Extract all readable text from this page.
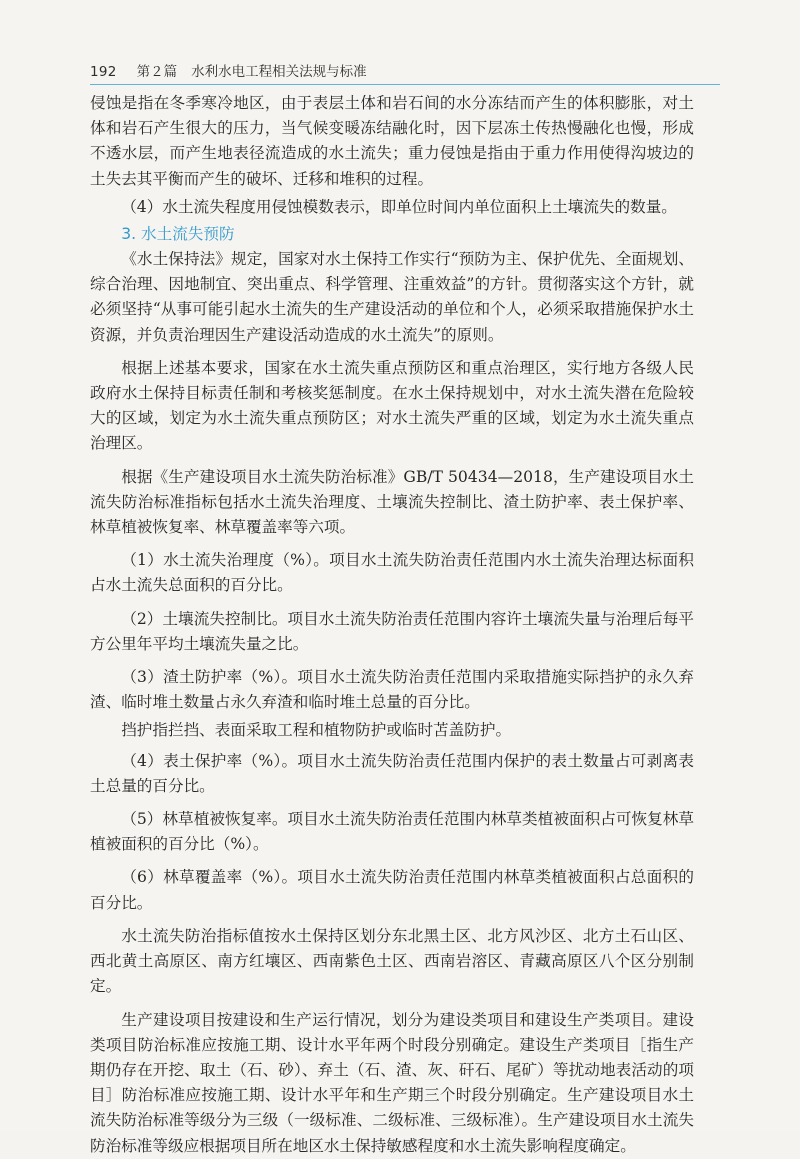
192 第２篇 水利水电工程相关法规与标准

侵蚀是指在冬季寒冷地区，由于表层土体和岩石间的水分冻结而产生的体积膨胀，对土体和岩石产生很大的压力，当气候变暖冻结融化时，因下层冻土传热慢融化也慢，形成不透水层，而产生地表径流造成的水土流失；重力侵蚀是指由于重力作用使得沟坡边的土失去其平衡而产生的破坏、迁移和堆积的过程。

（4）水土流失程度用侵蚀模数表示，即单位时间内单位面积上土壤流失的数量。

3. 水土流失预防

《水土保持法》规定，国家对水土保持工作实行“预防为主、保护优先、全面规划、综合治理、因地制宜、突出重点、科学管理、注重效益”的方针。贯彻落实这个方针，就必须坚持“从事可能引起水土流失的生产建设活动的单位和个人，必须采取措施保护水土资源，并负责治理因生产建设活动造成的水土流失”的原则。

根据上述基本要求，国家在水土流失重点预防区和重点治理区，实行地方各级人民政府水土保持目标责任制和考核奖惩制度。在水土保持规划中，对水土流失潜在危险较大的区域，划定为水土流失重点预防区；对水土流失严重的区域，划定为水土流失重点治理区。

根据《生产建设项目水土流失防治标准》GB/T 50434—2018，生产建设项目水土流失防治标准指标包括水土流失治理度、土壤流失控制比、渣土防护率、表土保护率、林草植被恢复率、林草覆盖率等六项。

（1）水土流失治理度（%）。项目水土流失防治责任范围内水土流失治理达标面积占水土流失总面积的百分比。

（2）土壤流失控制比。项目水土流失防治责任范围内容许土壤流失量与治理后每平方公里年平均土壤流失量之比。

（3）渣土防护率（%）。项目水土流失防治责任范围内采取措施实际挡护的永久弃渣、临时堆土数量占永久弃渣和临时堆土总量的百分比。

挡护指拦挡、表面采取工程和植物防护或临时苫盖防护。

（4）表土保护率（%）。项目水土流失防治责任范围内保护的表土数量占可剥离表土总量的百分比。

（5）林草植被恢复率。项目水土流失防治责任范围内林草类植被面积占可恢复林草植被面积的百分比（%）。

（6）林草覆盖率（%）。项目水土流失防治责任范围内林草类植被面积占总面积的百分比。

水土流失防治指标值按水土保持区划分东北黑土区、北方风沙区、北方土石山区、西北黄土高原区、南方红壤区、西南紫色土区、西南岩溶区、青藏高原区八个区分别制定。

生产建设项目按建设和生产运行情况，划分为建设类项目和建设生产类项目。建设类项目防治标准应按施工期、设计水平年两个时段分别确定。建设生产类项目［指生产期仍存在开挖、取土（石、砂）、弃土（石、渣、灰、矸石、尾矿）等扰动地表活动的项目］防治标准应按施工期、设计水平年和生产期三个时段分别确定。生产建设项目水土流失防治标准等级分为三级（一级标准、二级标准、三级标准）。生产建设项目水土流失防治标准等级应根据项目所在地区水土保持敏感程度和水土流失影响程度确定。
